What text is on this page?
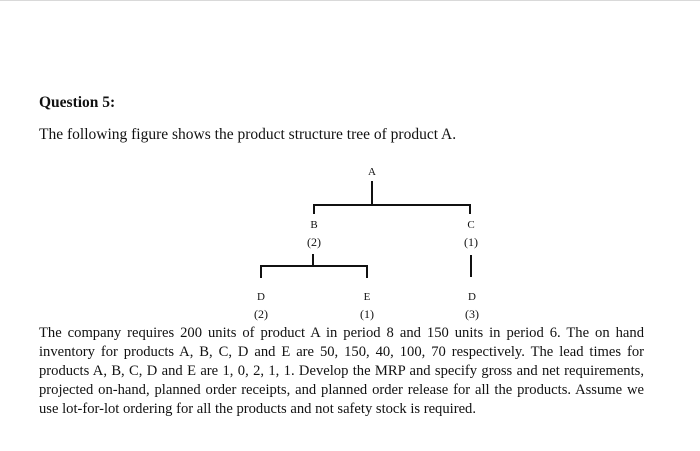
Question 5:
The following figure shows the product structure tree of product A.
A
B
(2)
C
(1)
D
(2)
E
(1)
D
(3)
The company requires 200 units of product A in period 8 and 150 units in period 6. The on hand inventory for products A, B, C, D and E are 50, 150, 40, 100, 70 respectively. The lead times for products A, B, C, D and E are 1, 0, 2, 1, 1. Develop the MRP and specify gross and net requirements, projected on-hand, planned order receipts, and planned order release for all the products. Assume we use lot-for-lot ordering for all the products and not safety stock is required.
